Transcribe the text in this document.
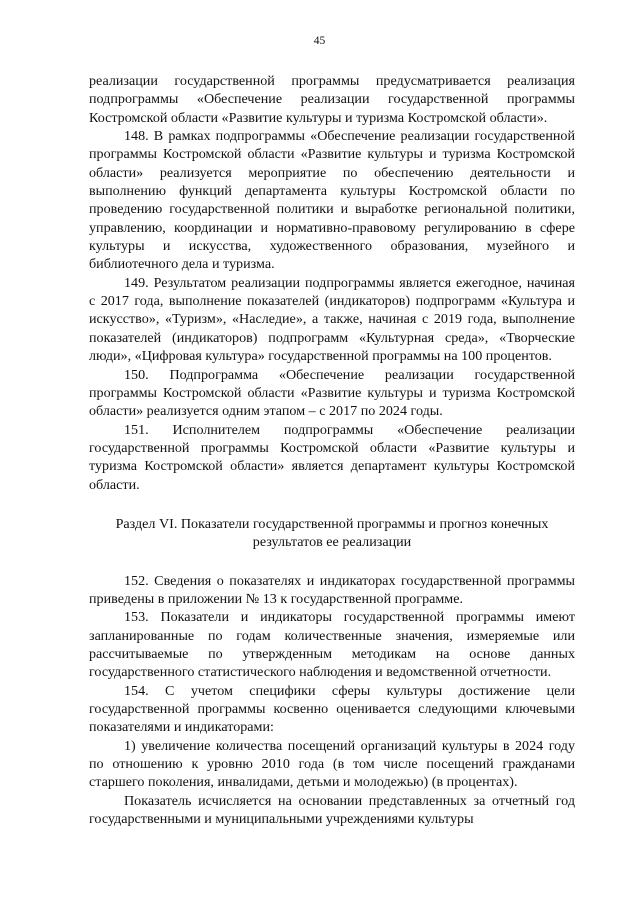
45

реализации государственной программы предусматривается реализация подпрограммы «Обеспечение реализации государственной программы Костромской области «Развитие культуры и туризма Костромской области».

148. В рамках подпрограммы «Обеспечение реализации государственной программы Костромской области «Развитие культуры и туризма Костромской области» реализуется мероприятие по обеспечению деятельности и выполнению функций департамента культуры Костромской области по проведению государственной политики и выработке региональной политики, управлению, координации и нормативно-правовому регулированию в сфере культуры и искусства, художественного образования, музейного и библиотечного дела и туризма.

149. Результатом реализации подпрограммы является ежегодное, начиная с 2017 года, выполнение показателей (индикаторов) подпрограмм «Культура и искусство», «Туризм», «Наследие», а также, начиная с 2019 года, выполнение показателей (индикаторов) подпрограмм «Культурная среда», «Творческие люди», «Цифровая культура» государственной программы на 100 процентов.

150. Подпрограмма «Обеспечение реализации государственной программы Костромской области «Развитие культуры и туризма Костромской области» реализуется одним этапом – с 2017 по 2024 годы.

151. Исполнителем подпрограммы «Обеспечение реализации государственной программы Костромской области «Развитие культуры и туризма Костромской области» является департамент культуры Костромской области.

Раздел VI. Показатели государственной программы и прогноз конечных результатов ее реализации

152. Сведения о показателях и индикаторах государственной программы приведены в приложении № 13 к государственной программе.

153. Показатели и индикаторы государственной программы имеют запланированные по годам количественные значения, измеряемые или рассчитываемые по утвержденным методикам на основе данных государственного статистического наблюдения и ведомственной отчетности.

154. С учетом специфики сферы культуры достижение цели государственной программы косвенно оценивается следующими ключевыми показателями и индикаторами:

1) увеличение количества посещений организаций культуры в 2024 году по отношению к уровню 2010 года (в том числе посещений гражданами старшего поколения, инвалидами, детьми и молодежью) (в процентах).

Показатель исчисляется на основании представленных за отчетный год государственными и муниципальными учреждениями культуры
